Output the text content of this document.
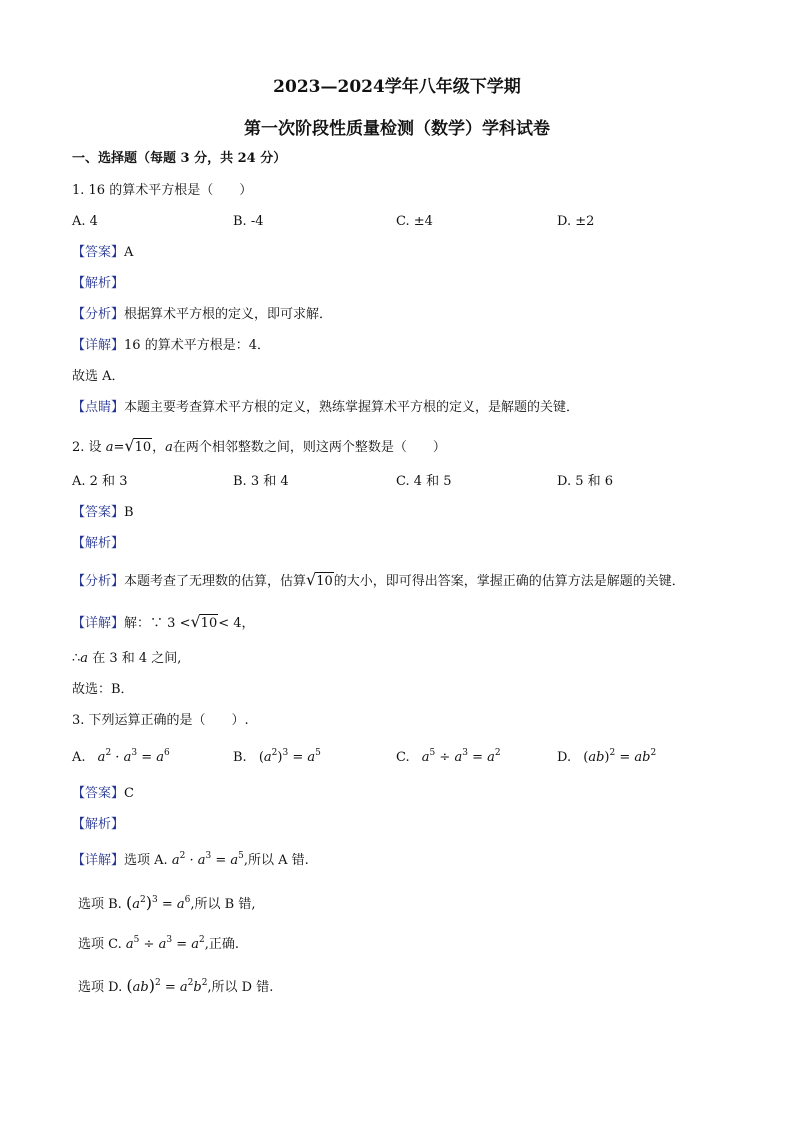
2023—2024学年八年级下学期
第一次阶段性质量检测（数学）学科试卷
一、选择题（每题 3 分，共 24 分）
1. 16 的算术平方根是（　　）
A. 4	B. -4	C. ±4	D. ±2
【答案】A
【解析】
【分析】根据算术平方根的定义，即可求解．
【详解】16 的算术平方根是：4．
故选 A．
【点睛】本题主要考查算术平方根的定义，熟练掌握算术平方根的定义，是解题的关键．
2. 设 a=√10，a在两个相邻整数之间，则这两个整数是（　　）
A. 2 和 3	B. 3 和 4	C. 4 和 5	D. 5 和 6
【答案】B
【解析】
【分析】本题考查了无理数的估算，估算√10的大小，即可得出答案，掌握正确的估算方法是解题的关键．
【详解】解：∵ 3 <√10< 4，
∴a 在 3 和 4 之间,
故选：B．
3. 下列运算正确的是（　　）.
A. $a^2 \cdot a^3 = a^6$	B. $(a^2)^3 = a^5$	C. $a^5 \div a^3 = a^2$	D. $(ab)^2 = ab^2$
【答案】C
【解析】
【详解】选项 A. $a^2 \cdot a^3 = a^5$,所以 A 错.
选项 B. $(a^2)^3 = a^6$,所以 B 错,
选项 C. $a^5 \div a^3 = a^2$,正确.
选项 D. $(ab)^2 = a^2b^2$,所以 D 错.
